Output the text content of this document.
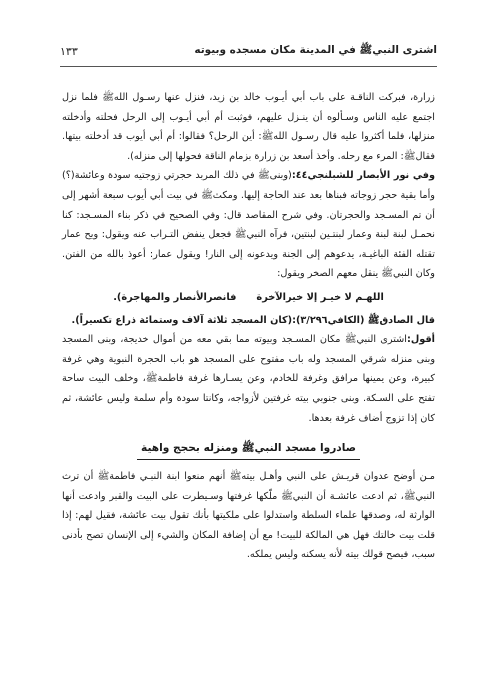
اشترى النبيﷺ في المدينة مكان مسجده وبيوته
١٣٣

زرارة، فبركت الناقـة على باب أبي أيـوب خالد بن زيد، فنزل عنها رسـول اللهﷺ فلما نزل اجتمع عليه الناس وسـألوه أن ينـزل عليهم، فوثبت أم أبي أيـوب إلى الرحل فحلته وأدخلته منزلها، فلما أكثروا عليه قال رسـول اللهﷺ: أين الرحل؟ فقالوا: أم أبي أيوب قد أدخلته بيتها. فقالﷺ: المرء مع رحله. وأخذ أسعد بن زرارة بزمام الناقة فحولها إلى منزله).

وفي نور الأبصار للشبلنجي٤٤:(وبنىﷺ في ذلك المربد حجرتي زوجتيه سودة وعائشة(؟) وأما بقية حجر زوجاته فبناها بعد عند الحاجة إليها. ومكثﷺ في بيت أبي أيوب سبعة أشهر إلى أن تم المسـجد والحجرتان. وفي شرح المقاصد قال: وفي الصحيح في ذكر بناء المسـجد: كنا نحمـل لبنة لبنة وعمار لبنتـين لبنتين، فرآه النبيﷺ فجعل ينفض التـراب عنه ويقول: ويح عمار تقتله الفئة الباغيـة، يدعوهم إلى الجنة ويدعونه إلى النار! ويقول عمار: أعوذ بالله من الفتن. وكان النبيﷺ ينقل معهم الصخر ويقول:

اللهـم لا خيـر إلا خيرالآخرةفانصرالأنصار والمهاجرة).

قال الصادقﷺ (الكافي٣/٢٩٦):(كان المسجد ثلاثة آلاف وستمائة ذراع تكسيراً).

أقول:اشترى النبيﷺ مكان المسـجد وبيوته مما بقي معه من أموال خديجة، وبنى المسجد وبنى منزله شرقي المسجد وله باب مفتوح على المسجد هو باب الحجرة النبوية وهي غرفة كبيرة، وعن يمينها مرافق وغرفة للخادم، وعن يسـارها غرفة فاطمةﷺ، وخلف البيت ساحة تفتح على السـكة. وبنى جنوبي بيته غرفتين لأزواجه، وكانتا سودة وأم سلمة وليس عائشة، ثم كان إذا تزوج أضاف غرفة بعدها.

صادروا مسجد النبيﷺ ومنزله بحجج واهية

مـن أوضح عدوان قريـش على النبي وأهـل بيتهﷺ أنهم منعوا ابنة النبـي فاطمةﷺ أن ترث النبيﷺ، ثم ادعت عائشـة أن النبيﷺ ملّكها غرفتها وسـيطرت على البيت والقبر وادعت أنها الوارثة له، وصدقها علماء السلطة واستدلوا على ملكيتها بأنك تقول بيت عائشة، فقيل لهم: إذا قلت بيت خالتك فهل هي المالكة للبيت! مع أن إضافة المكان والشيء إلى الإنسان تصح بأدنى سبب، فيصح قولك بيته لأنه يسكنه وليس يملكه.
